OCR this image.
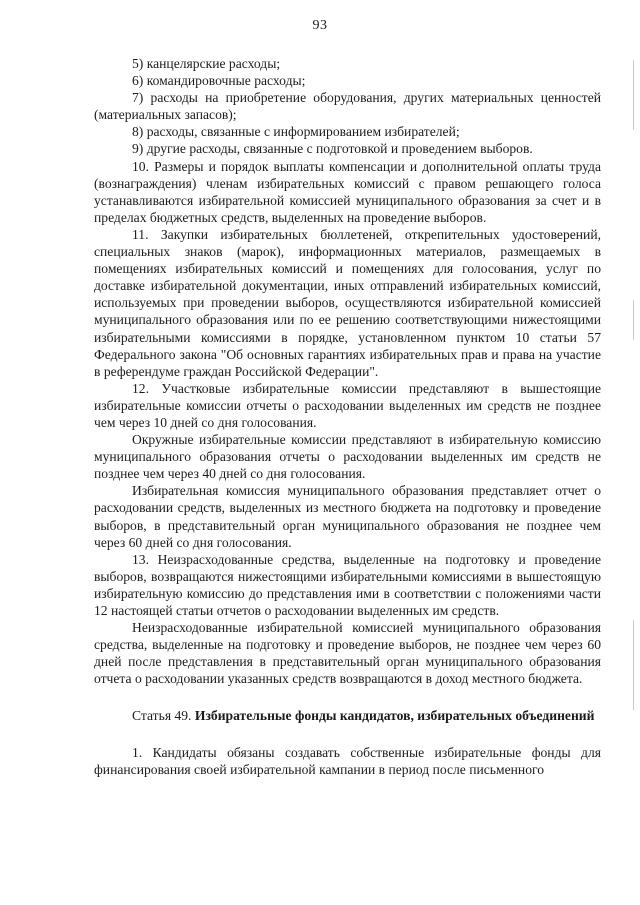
93

5) канцелярские расходы;

6) командировочные расходы;

7) расходы на приобретение оборудования, других материальных ценностей (материальных запасов);

8) расходы, связанные с информированием избирателей;

9) другие расходы, связанные с подготовкой и проведением выборов.

10. Размеры и порядок выплаты компенсации и дополнительной оплаты труда (вознаграждения) членам избирательных комиссий с правом решающего голоса устанавливаются избирательной комиссией муниципального образования за счет и в пределах бюджетных средств, выделенных на проведение выборов.

11. Закупки избирательных бюллетеней, открепительных удостоверений, специальных знаков (марок), информационных материалов, размещаемых в помещениях избирательных комиссий и помещениях для голосования, услуг по доставке избирательной документации, иных отправлений избирательных комиссий, используемых при проведении выборов, осуществляются избирательной комиссией муниципального образования или по ее решению соответствующими нижестоящими избирательными комиссиями в порядке, установленном пунктом 10 статьи 57 Федерального закона "Об основных гарантиях избирательных прав и права на участие в референдуме граждан Российской Федерации".

12. Участковые избирательные комиссии представляют в вышестоящие избирательные комиссии отчеты о расходовании выделенных им средств не позднее чем через 10 дней со дня голосования.

Окружные избирательные комиссии представляют в избирательную комиссию муниципального образования отчеты о расходовании выделенных им средств не позднее чем через 40 дней со дня голосования.

Избирательная комиссия муниципального образования представляет отчет о расходовании средств, выделенных из местного бюджета на подготовку и проведение выборов, в представительный орган муниципального образования не позднее чем через 60 дней со дня голосования.

13. Неизрасходованные средства, выделенные на подготовку и проведение выборов, возвращаются нижестоящими избирательными комиссиями в вышестоящую избирательную комиссию до представления ими в соответствии с положениями части 12 настоящей статьи отчетов о расходовании выделенных им средств.

Неизрасходованные избирательной комиссией муниципального образования средства, выделенные на подготовку и проведение выборов, не позднее чем через 60 дней после представления в представительный орган муниципального образования отчета о расходовании указанных средств возвращаются в доход местного бюджета.

Статья 49. Избирательные фонды кандидатов, избирательных объединений

1. Кандидаты обязаны создавать собственные избирательные фонды для финансирования своей избирательной кампании в период после письменного
